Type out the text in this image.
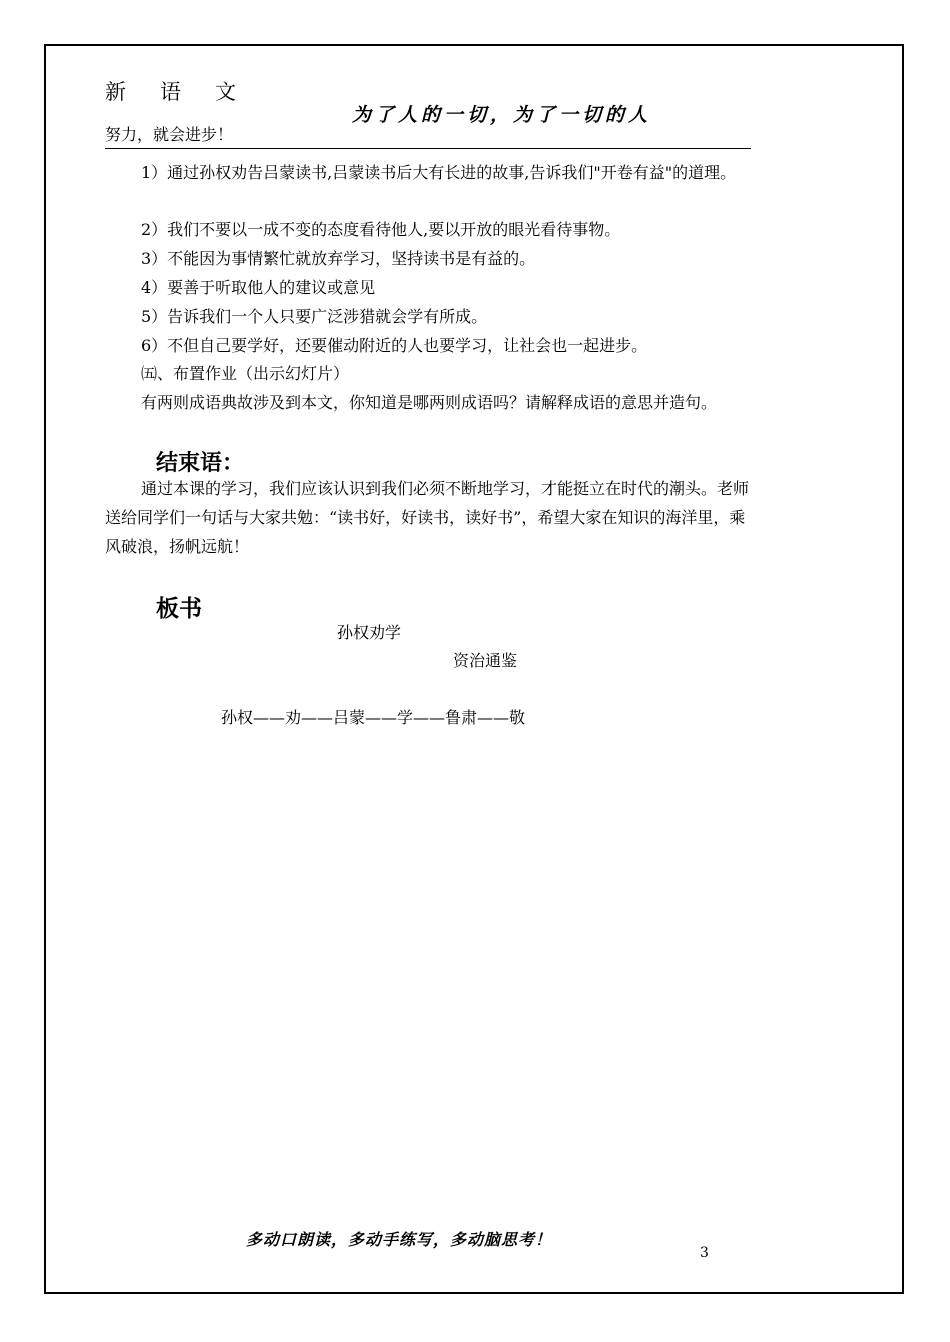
新语文
为了人的一切，为了一切的人
努力，就会进步！
1）通过孙权劝告吕蒙读书,吕蒙读书后大有长进的故事,告诉我们"开卷有益"的道理。
2）我们不要以一成不变的态度看待他人,要以开放的眼光看待事物。
3）不能因为事情繁忙就放弃学习，坚持读书是有益的。
4）要善于听取他人的建议或意见
5）告诉我们一个人只要广泛涉猎就会学有所成。
6）不但自己要学好，还要催动附近的人也要学习，让社会也一起进步。
㈤、布置作业（出示幻灯片）
有两则成语典故涉及到本文，你知道是哪两则成语吗？请解释成语的意思并造句。
结束语：
通过本课的学习，我们应该认识到我们必须不断地学习，才能挺立在时代的潮头。老师送给同学们一句话与大家共勉：“读书好，好读书，读好书”，希望大家在知识的海洋里，乘风破浪，扬帆远航！
板书
孙权劝学
资治通鉴
孙权——劝——吕蒙——学——鲁肃——敬
多动口朗读，多动手练写，多动脑思考！
3
